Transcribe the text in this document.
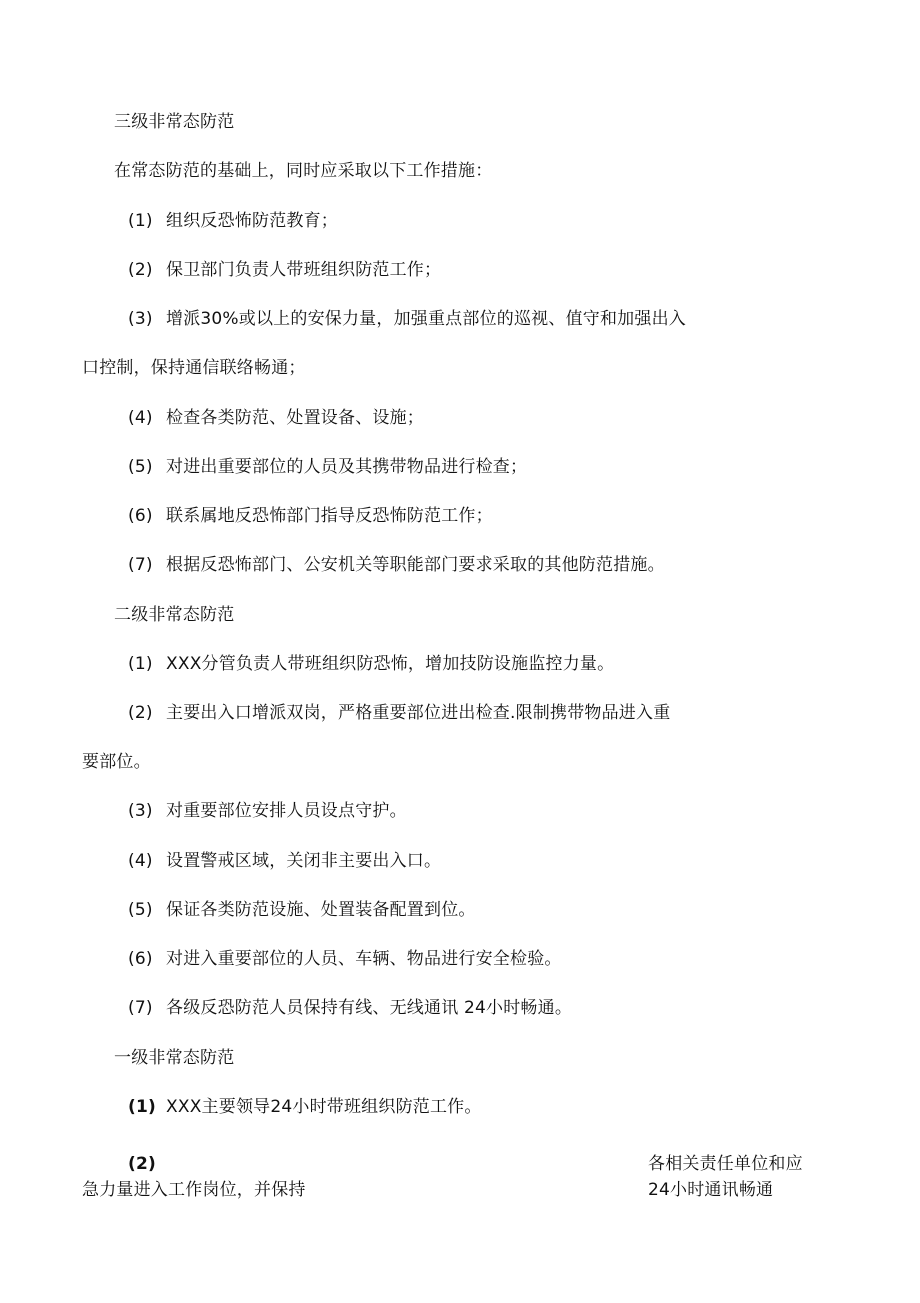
三级非常态防范
在常态防范的基础上，同时应采取以下工作措施：
(1) 组织反恐怖防范教育；
(2) 保卫部门负责人带班组织防范工作；
(3) 增派30%或以上的安保力量，加强重点部位的巡视、值守和加强出入
口控制，保持通信联络畅通；
(4) 检查各类防范、处置设备、设施；
(5) 对进出重要部位的人员及其携带物品进行检查；
(6) 联系属地反恐怖部门指导反恐怖防范工作；
(7) 根据反恐怖部门、公安机关等职能部门要求采取的其他防范措施。
二级非常态防范
(1) XXX分管负责人带班组织防恐怖，增加技防设施监控力量。
(2) 主要出入口增派双岗，严格重要部位进出检查.限制携带物品进入重
要部位。
(3) 对重要部位安排人员设点守护。
(4) 设置警戒区域，关闭非主要出入口。
(5) 保证各类防范设施、处置装备配置到位。
(6) 对进入重要部位的人员、车辆、物品进行安全检验。
(7) 各级反恐防范人员保持有线、无线通讯 24小时畅通。
一级非常态防范
(1) XXX主要领导24小时带班组织防范工作。
(2)	各相关责任单位和应
急力量进入工作岗位，并保持	24小时通讯畅通
